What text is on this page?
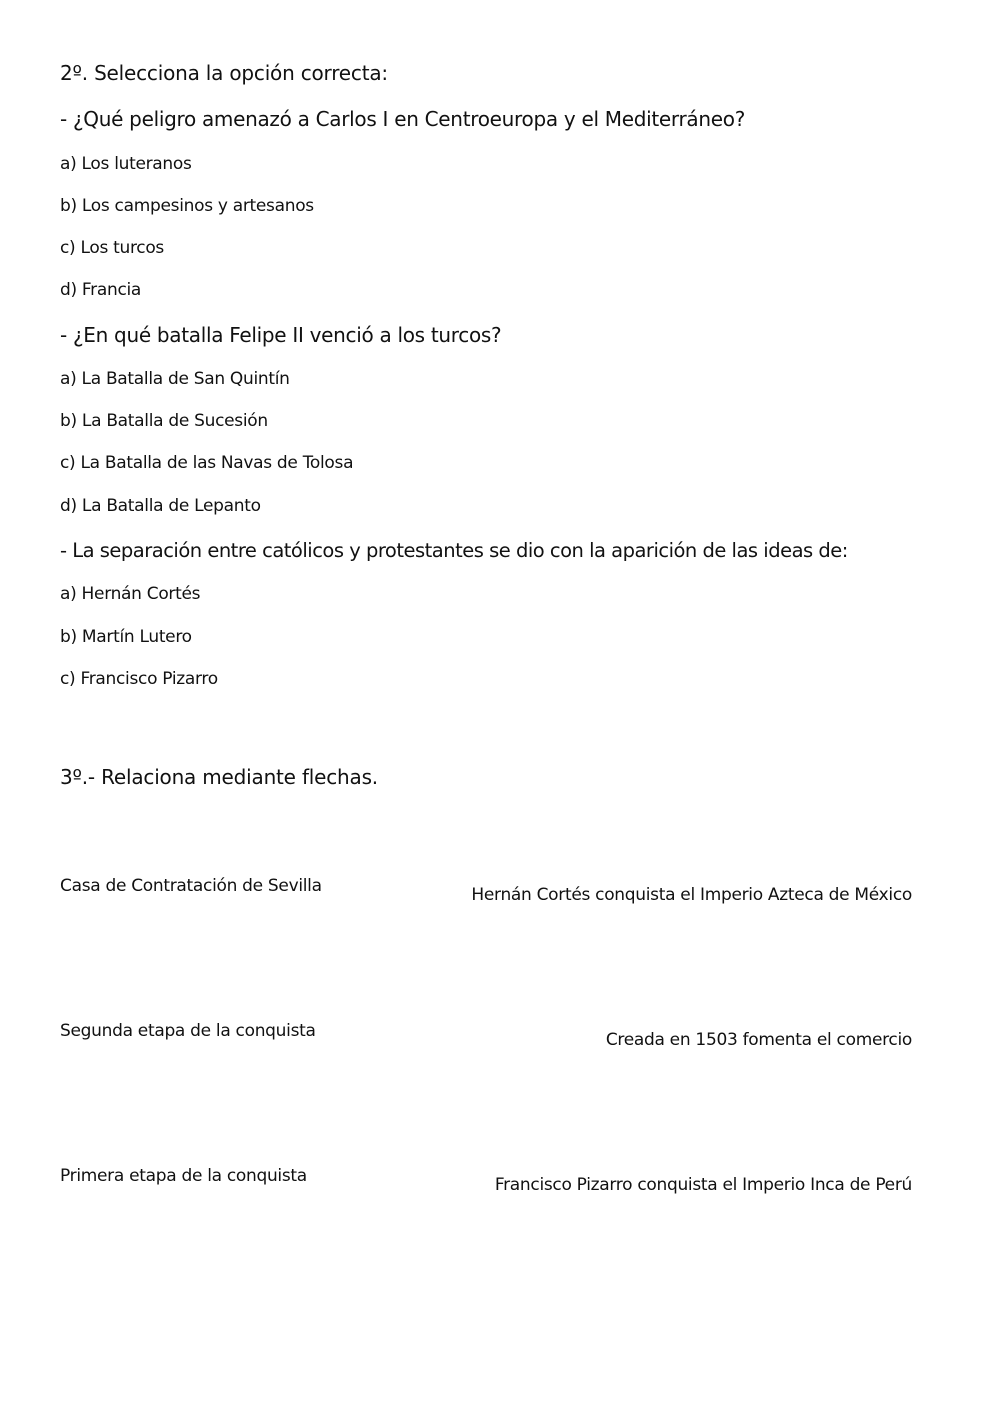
2º. Selecciona la opción correcta:
- ¿Qué peligro amenazó a Carlos I en Centroeuropa y el Mediterráneo?
a) Los luteranos
b) Los campesinos y artesanos
c) Los turcos
d) Francia
- ¿En qué batalla Felipe II venció a los turcos?
a) La Batalla de San Quintín
b) La Batalla de Sucesión
c) La Batalla de las Navas de Tolosa
d) La Batalla de Lepanto
- La separación entre católicos y protestantes se dio con la aparición de las ideas de:
a) Hernán Cortés
b) Martín Lutero
c) Francisco Pizarro
3º.- Relaciona mediante flechas.
Casa de Contratación de Sevilla
Segunda etapa de la conquista
Primera etapa de la conquista
Hernán Cortés conquista el Imperio Azteca de México
Creada en 1503 fomenta el comercio
Francisco Pizarro conquista el Imperio Inca de Perú
